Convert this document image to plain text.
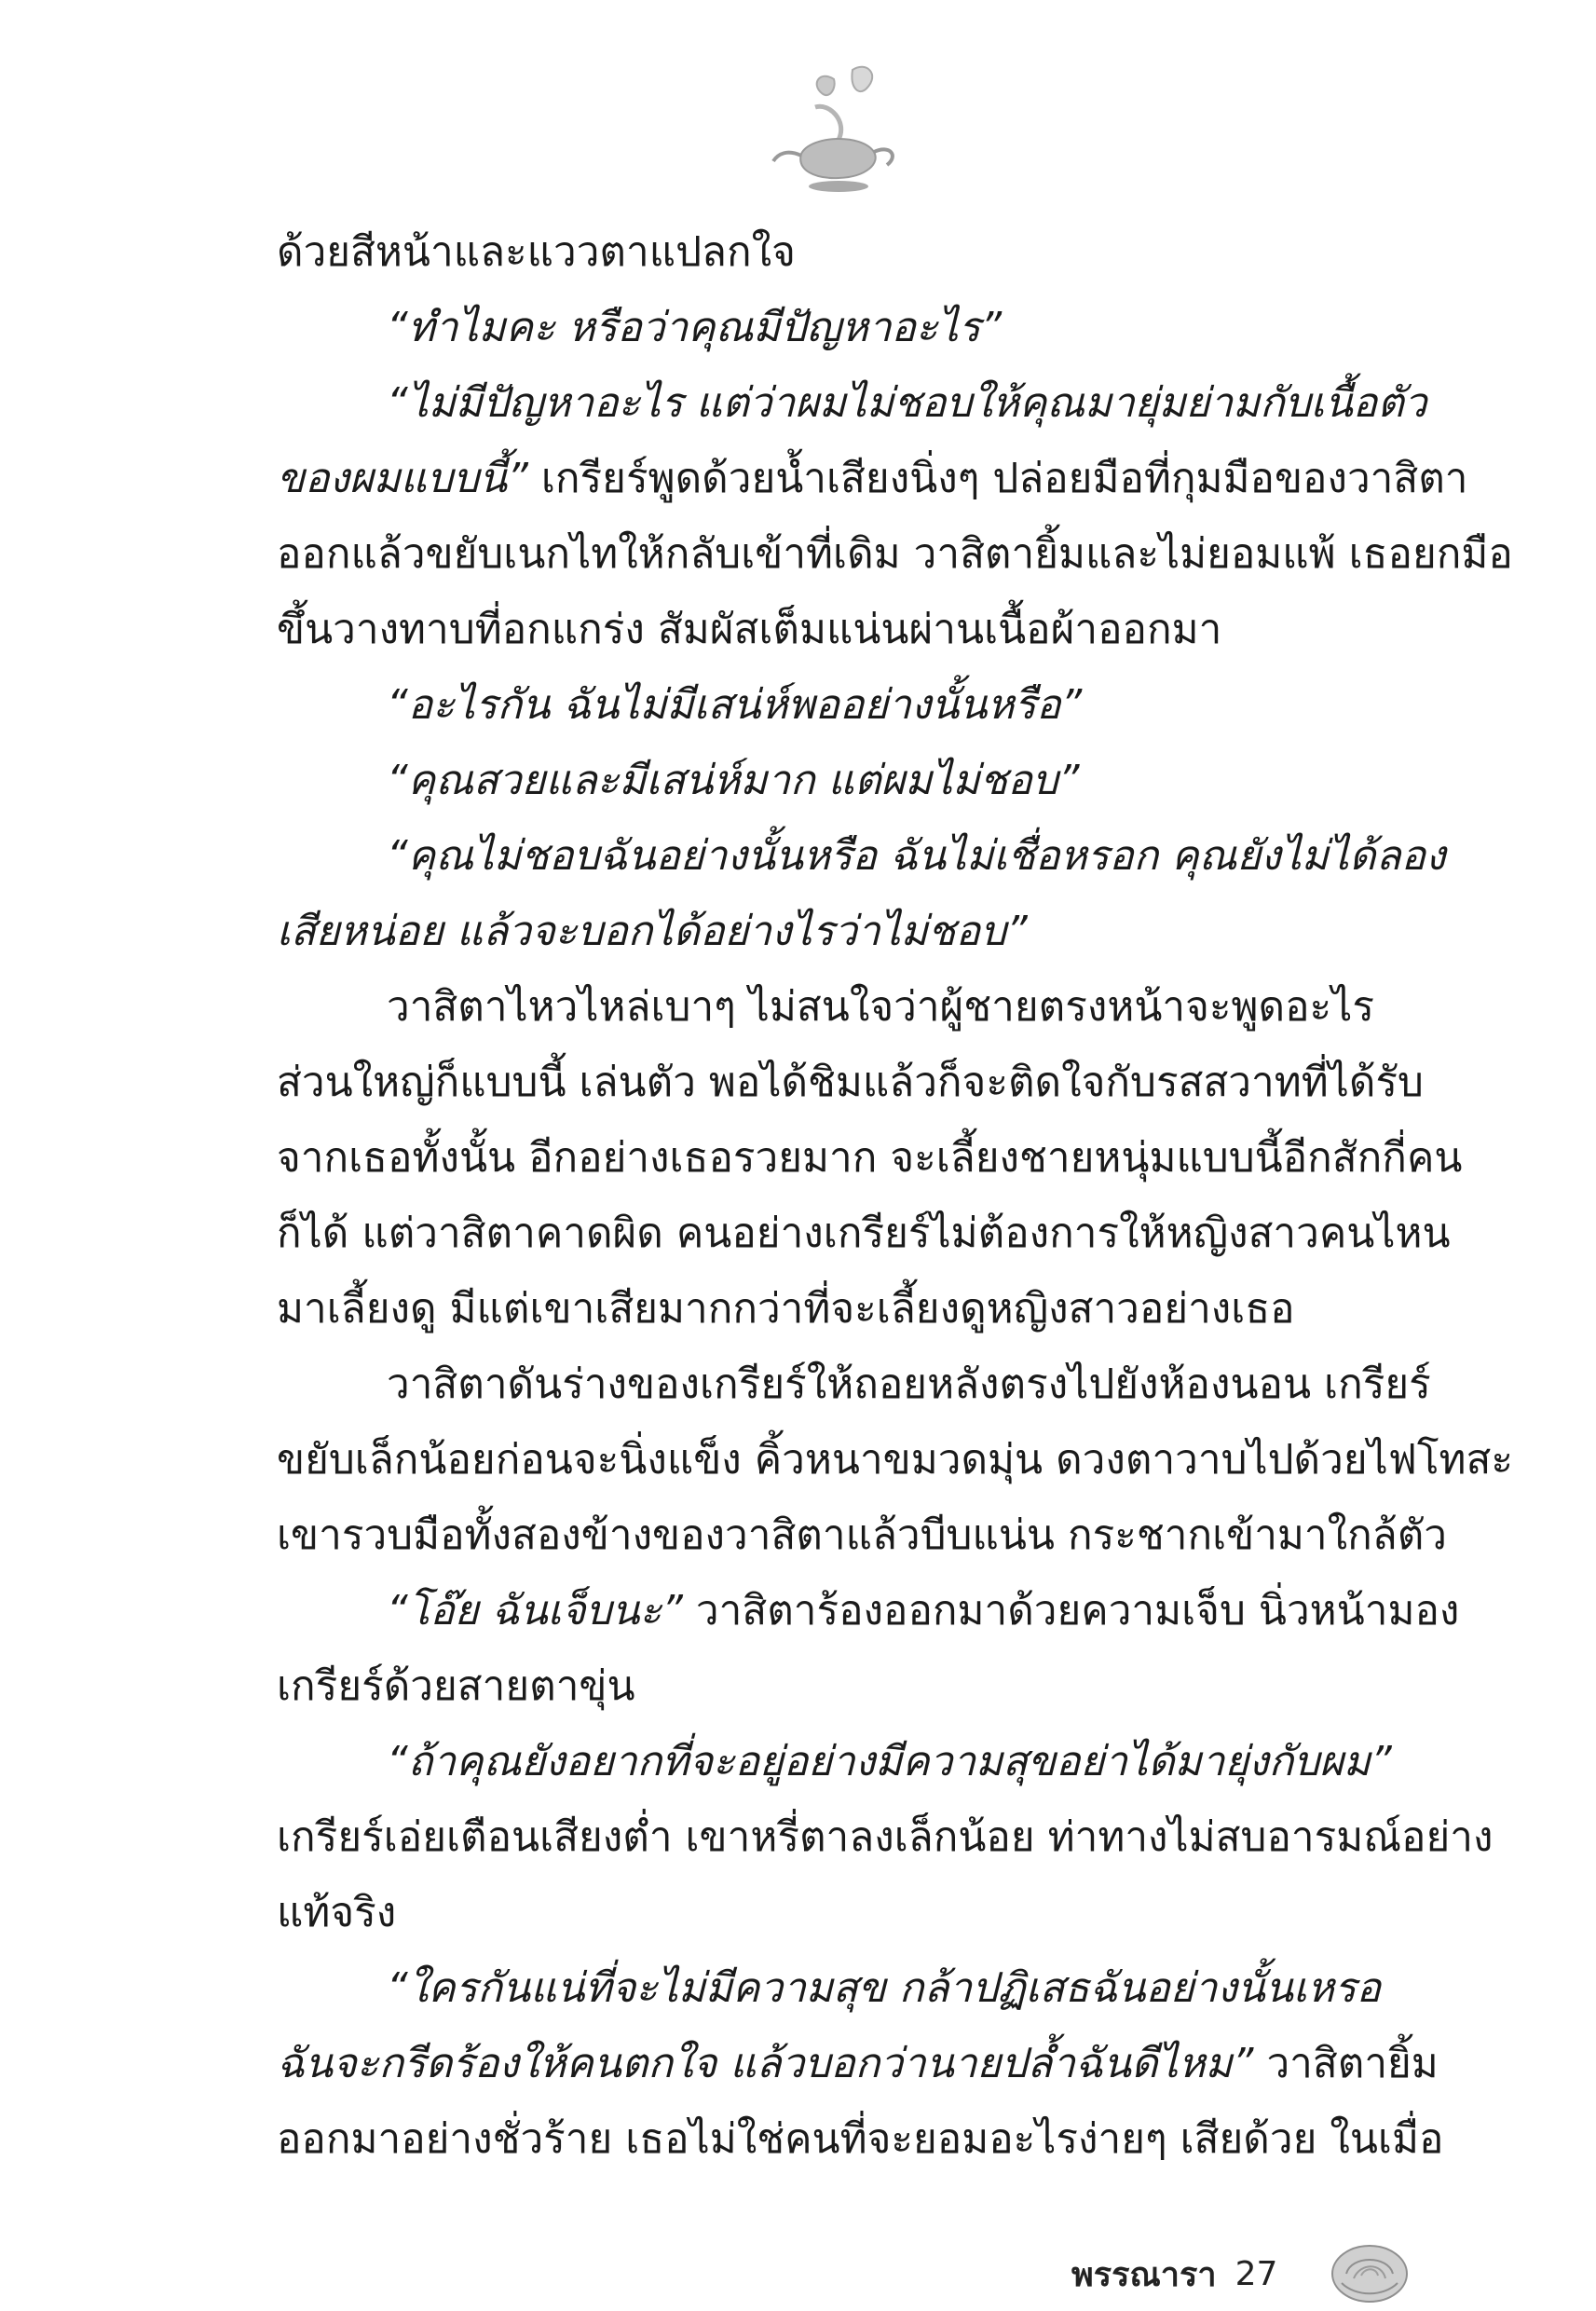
ด้วยสีหน้าและแววตาแปลกใจ
“ทำไมคะ หรือว่าคุณมีปัญหาอะไร”
“ไม่มีปัญหาอะไร แต่ว่าผมไม่ชอบให้คุณมายุ่มย่ามกับเนื้อตัว
ของผมแบบนี้” เกรียร์พูดด้วยน้ำเสียงนิ่งๆ ปล่อยมือที่กุมมือของวาสิตา
ออกแล้วขยับเนกไทให้กลับเข้าที่เดิม วาสิตายิ้มและไม่ยอมแพ้ เธอยกมือ
ขึ้นวางทาบที่อกแกร่ง สัมผัสเต็มแน่นผ่านเนื้อผ้าออกมา
“อะไรกัน ฉันไม่มีเสน่ห์พออย่างนั้นหรือ”
“คุณสวยและมีเสน่ห์มาก แต่ผมไม่ชอบ”
“คุณไม่ชอบฉันอย่างนั้นหรือ ฉันไม่เชื่อหรอก คุณยังไม่ได้ลอง
เสียหน่อย แล้วจะบอกได้อย่างไรว่าไม่ชอบ”
วาสิตาไหวไหล่เบาๆ ไม่สนใจว่าผู้ชายตรงหน้าจะพูดอะไร
ส่วนใหญ่ก็แบบนี้ เล่นตัว พอได้ชิมแล้วก็จะติดใจกับรสสวาทที่ได้รับ
จากเธอทั้งนั้น อีกอย่างเธอรวยมาก จะเลี้ยงชายหนุ่มแบบนี้อีกสักกี่คน
ก็ได้ แต่วาสิตาคาดผิด คนอย่างเกรียร์ไม่ต้องการให้หญิงสาวคนไหน
มาเลี้ยงดู มีแต่เขาเสียมากกว่าที่จะเลี้ยงดูหญิงสาวอย่างเธอ
วาสิตาดันร่างของเกรียร์ให้ถอยหลังตรงไปยังห้องนอน เกรียร์
ขยับเล็กน้อยก่อนจะนิ่งแข็ง คิ้วหนาขมวดมุ่น ดวงตาวาบไปด้วยไฟโทสะ
เขารวบมือทั้งสองข้างของวาสิตาแล้วบีบแน่น กระชากเข้ามาใกล้ตัว
“โอ๊ย ฉันเจ็บนะ” วาสิตาร้องออกมาด้วยความเจ็บ นิ่วหน้ามอง
เกรียร์ด้วยสายตาขุ่น
“ถ้าคุณยังอยากที่จะอยู่อย่างมีความสุขอย่าได้มายุ่งกับผม”
เกรียร์เอ่ยเตือนเสียงต่ำ เขาหรี่ตาลงเล็กน้อย ท่าทางไม่สบอารมณ์อย่าง
แท้จริง
“ใครกันแน่ที่จะไม่มีความสุข กล้าปฏิเสธฉันอย่างนั้นเหรอ
ฉันจะกรีดร้องให้คนตกใจ แล้วบอกว่านายปล้ำฉันดีไหม” วาสิตายิ้ม
ออกมาอย่างชั่วร้าย เธอไม่ใช่คนที่จะยอมอะไรง่ายๆ เสียด้วย ในเมื่อ
พรรณารา 27
